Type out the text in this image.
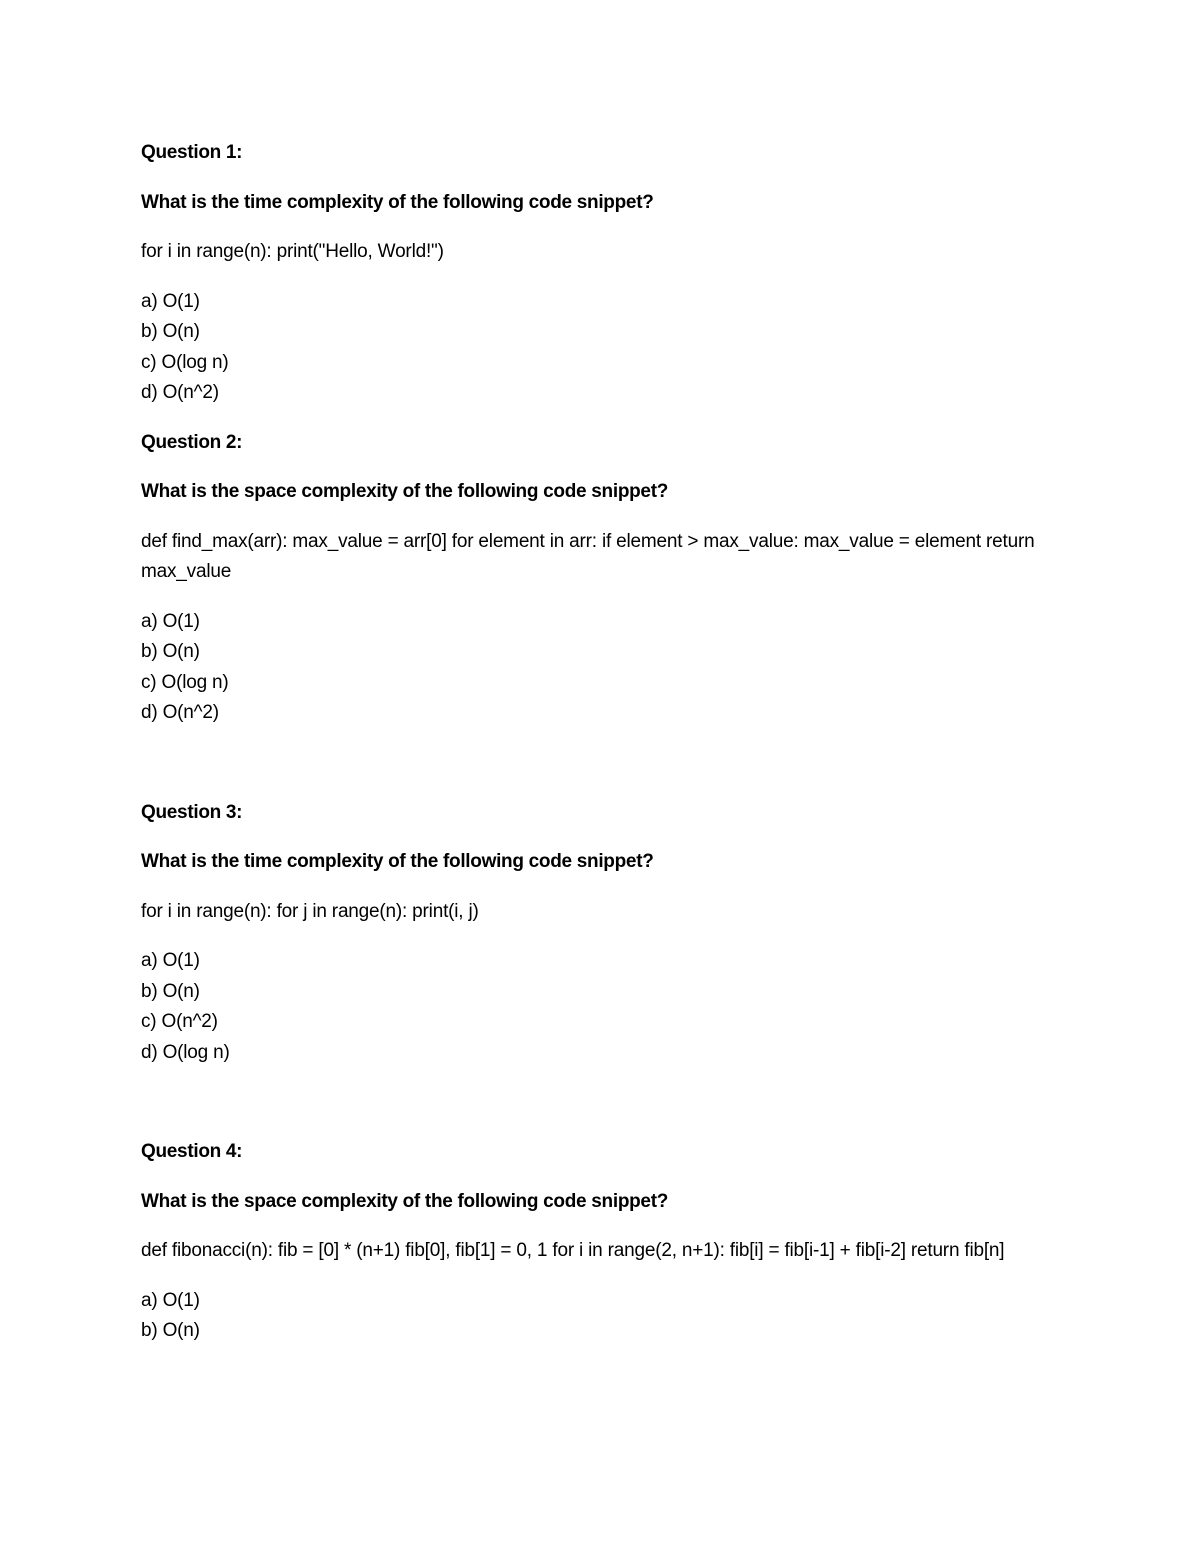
Question 1:

What is the time complexity of the following code snippet?

for i in range(n): print("Hello, World!")

a) O(1)
b) O(n)
c) O(log n)
d) O(n^2)

Question 2:

What is the space complexity of the following code snippet?

def find_max(arr): max_value = arr[0] for element in arr: if element > max_value: max_value = element return max_value

a) O(1)
b) O(n)
c) O(log n)
d) O(n^2)

Question 3:

What is the time complexity of the following code snippet?

for i in range(n): for j in range(n): print(i, j)

a) O(1)
b) O(n)
c) O(n^2)
d) O(log n)

Question 4:

What is the space complexity of the following code snippet?

def fibonacci(n): fib = [0] * (n+1) fib[0], fib[1] = 0, 1 for i in range(2, n+1): fib[i] = fib[i-1] + fib[i-2] return fib[n]

a) O(1)
b) O(n)
